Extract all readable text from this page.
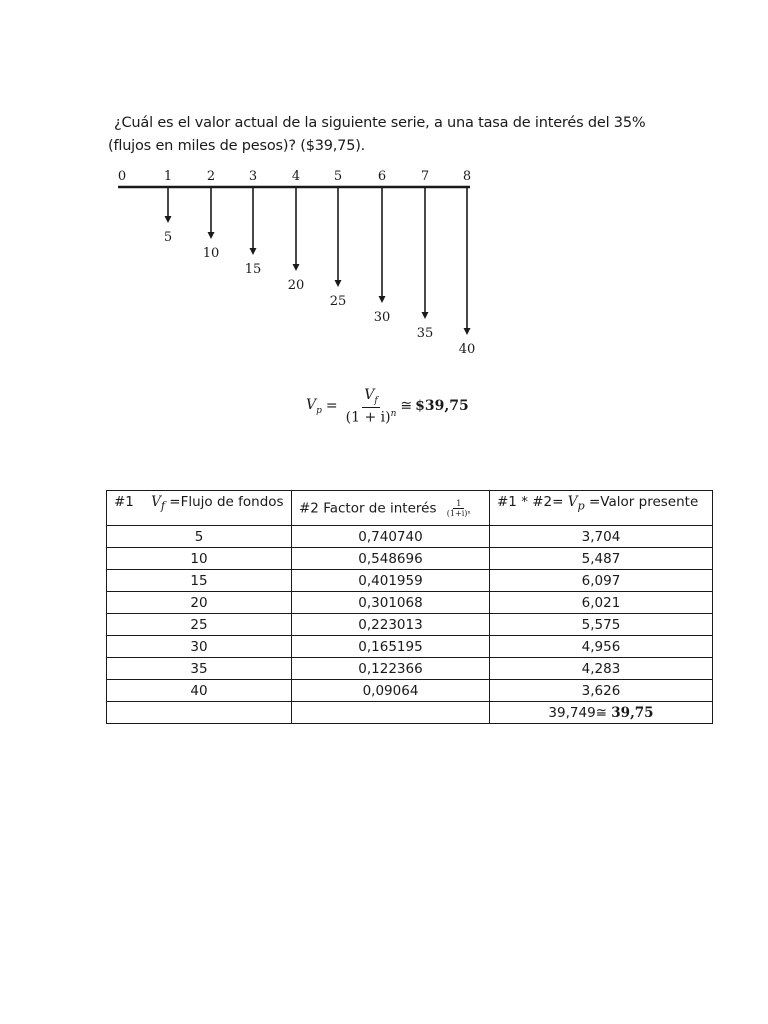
¿Cuál es el valor actual de la siguiente serie, a una tasa de interés del 35%
(flujos en miles de pesos)? ($39,75).
0	1	2	3	4	5	6	7	8
5
10
15
20
25
30
35
40
$V_p = \frac{V_f}{(1 + i)^n}$ ≅ $39,75
#1 $V_f$ =Flujo de fondos	#2 Factor de interés $\frac{1}{\text{(1+i)ⁿ}}$	#1 * #2= $V_p$ =Valor presente
5	0,740740	3,704
10	0,548696	5,487
15	0,401959	6,097
20	0,301068	6,021
25	0,223013	5,575
30	0,165195	4,956
35	0,122366	4,283
40	0,09064	3,626
		39,749≅ 39,75
